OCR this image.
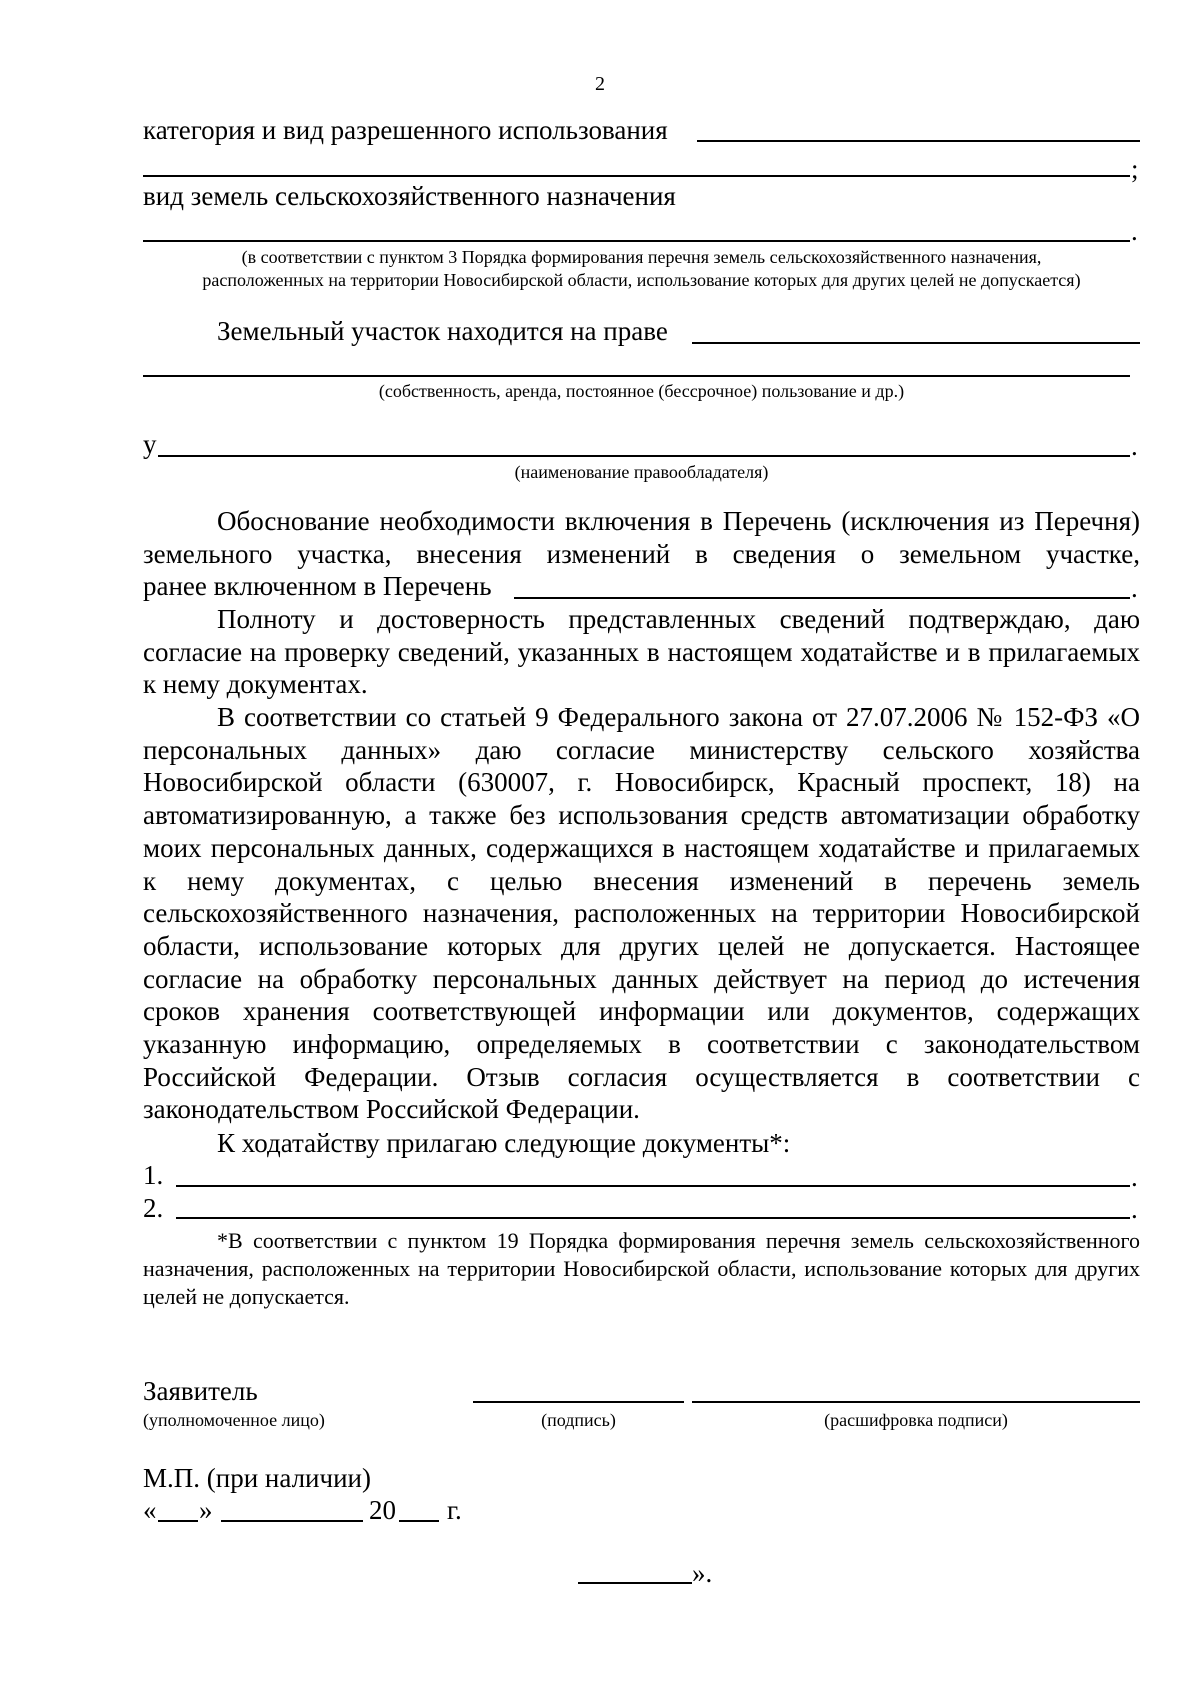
2
категория и вид разрешенного использования
;
вид земель сельскохозяйственного назначения
.
(в соответствии с пунктом 3 Порядка формирования перечня земель сельскохозяйственного назначения,
расположенных на территории Новосибирской области, использование которых для других целей не допускается)
Земельный участок находится на праве
(собственность, аренда, постоянное (бессрочное) пользование и др.)
у	.
(наименование правообладателя)

Обоснование необходимости включения в Перечень (исключения из Перечня) земельного участка, внесения изменений в сведения о земельном участке,

ранее включенном в Перечень	.

Полноту и достоверность представленных сведений подтверждаю, даю согласие на проверку сведений, указанных в настоящем ходатайстве и в прилагаемых к нему документах.

В соответствии со статьей 9 Федерального закона от 27.07.2006 № 152-ФЗ «О персональных данных» даю согласие министерству сельского хозяйства Новосибирской области (630007, г. Новосибирск, Красный проспект, 18) на автоматизированную, а также без использования средств автоматизации обработку моих персональных данных, содержащихся в настоящем ходатайстве и прилагаемых к нему документах, с целью внесения изменений в перечень земель сельскохозяйственного назначения, расположенных на территории Новосибирской области, использование которых для других целей не допускается. Настоящее согласие на обработку персональных данных действует на период до истечения сроков хранения соответствующей информации или документов, содержащих указанную информацию, определяемых в соответствии с законодательством Российской Федерации. Отзыв согласия осуществляется в соответствии с законодательством Российской Федерации.

К ходатайству прилагаю следующие документы*:
1.	.
2.	.

*В соответствии с пунктом 19 Порядка формирования перечня земель сельскохозяйственного назначения, расположенных на территории Новосибирской области, использование которых для других целей не допускается.

Заявитель
(уполномоченное лицо)	(подпись)	(расшифровка подписи)
М.П. (при наличии)
« »	20 г.
».
